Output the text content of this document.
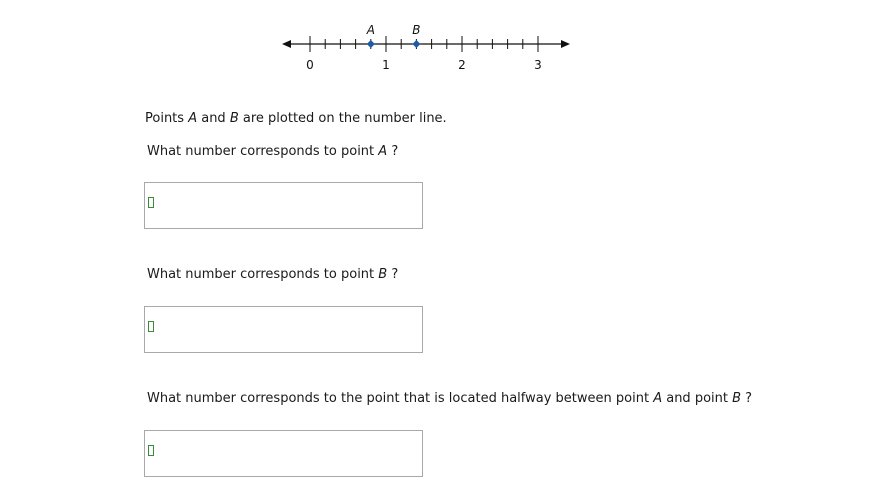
0	1	2	3
A	B
Points A and B are plotted on the number line.
What number corresponds to point A ?
What number corresponds to point B ?
What number corresponds to the point that is located halfway between point A and point B ?
